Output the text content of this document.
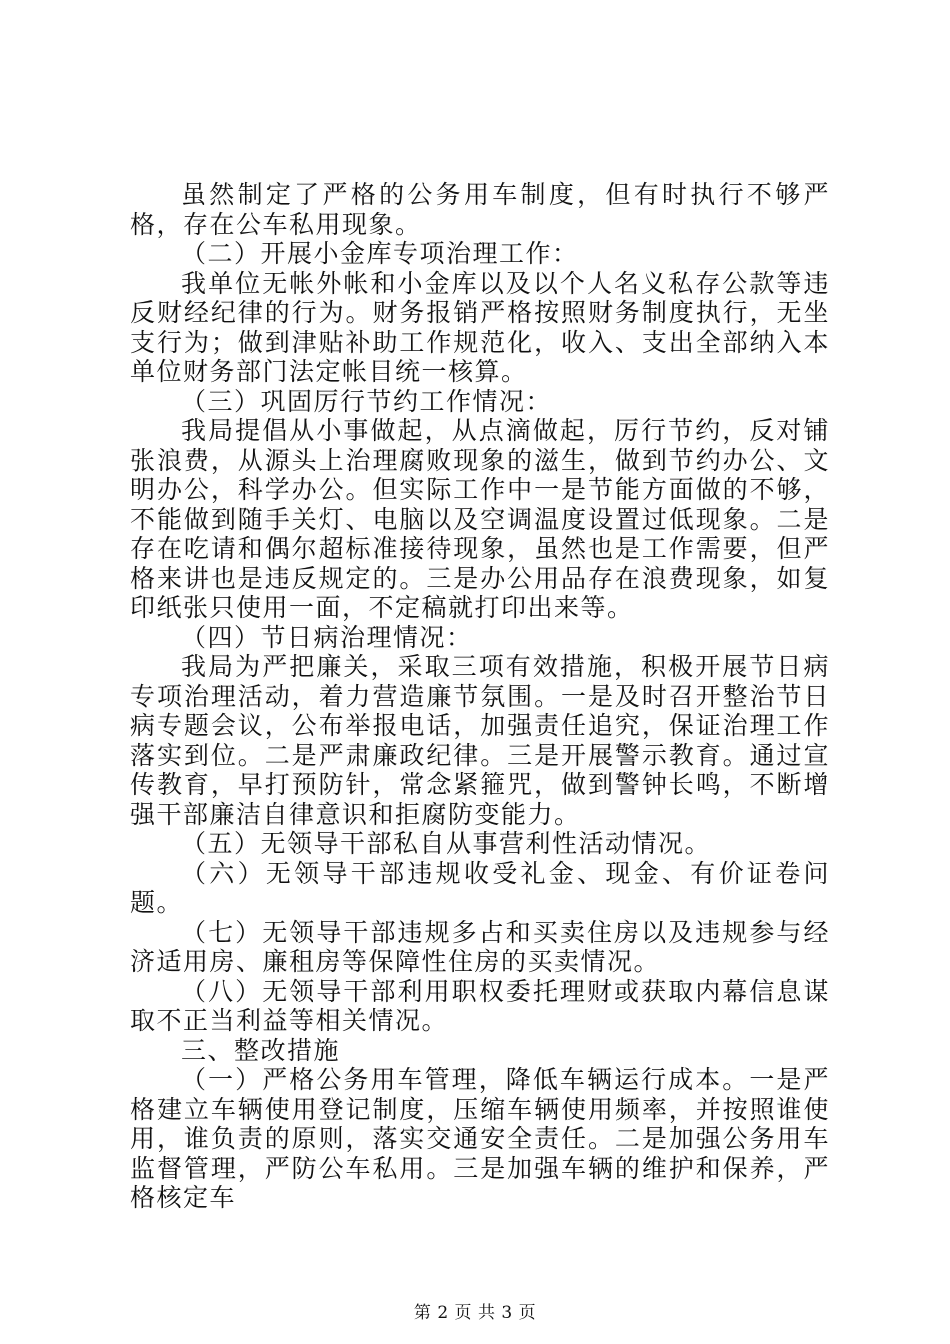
虽然制定了严格的公务用车制度，但有时执行不够严格，存在公车私用现象。

（二）开展小金库专项治理工作：

我单位无帐外帐和小金库以及以个人名义私存公款等违反财经纪律的行为。财务报销严格按照财务制度执行，无坐支行为；做到津贴补助工作规范化，收入、支出全部纳入本单位财务部门法定帐目统一核算。

（三）巩固厉行节约工作情况：

我局提倡从小事做起，从点滴做起，厉行节约，反对铺张浪费，从源头上治理腐败现象的滋生，做到节约办公、文明办公，科学办公。但实际工作中一是节能方面做的不够，不能做到随手关灯、电脑以及空调温度设置过低现象。二是存在吃请和偶尔超标准接待现象，虽然也是工作需要，但严格来讲也是违反规定的。三是办公用品存在浪费现象，如复印纸张只使用一面，不定稿就打印出来等。

（四）节日病治理情况：

我局为严把廉关，采取三项有效措施，积极开展节日病专项治理活动，着力营造廉节氛围。一是及时召开整治节日病专题会议，公布举报电话，加强责任追究，保证治理工作落实到位。二是严肃廉政纪律。三是开展警示教育。通过宣传教育，早打预防针，常念紧箍咒，做到警钟长鸣，不断增强干部廉洁自律意识和拒腐防变能力。

（五）无领导干部私自从事营利性活动情况。

（六）无领导干部违规收受礼金、现金、有价证卷问题。

（七）无领导干部违规多占和买卖住房以及违规参与经济适用房、廉租房等保障性住房的买卖情况。

（八）无领导干部利用职权委托理财或获取内幕信息谋取不正当利益等相关情况。

三、整改措施

（一）严格公务用车管理，降低车辆运行成本。一是严格建立车辆使用登记制度，压缩车辆使用频率，并按照谁使用，谁负责的原则，落实交通安全责任。二是加强公务用车监督管理，严防公车私用。三是加强车辆的维护和保养，严格核定车

第 2 页 共 3 页
